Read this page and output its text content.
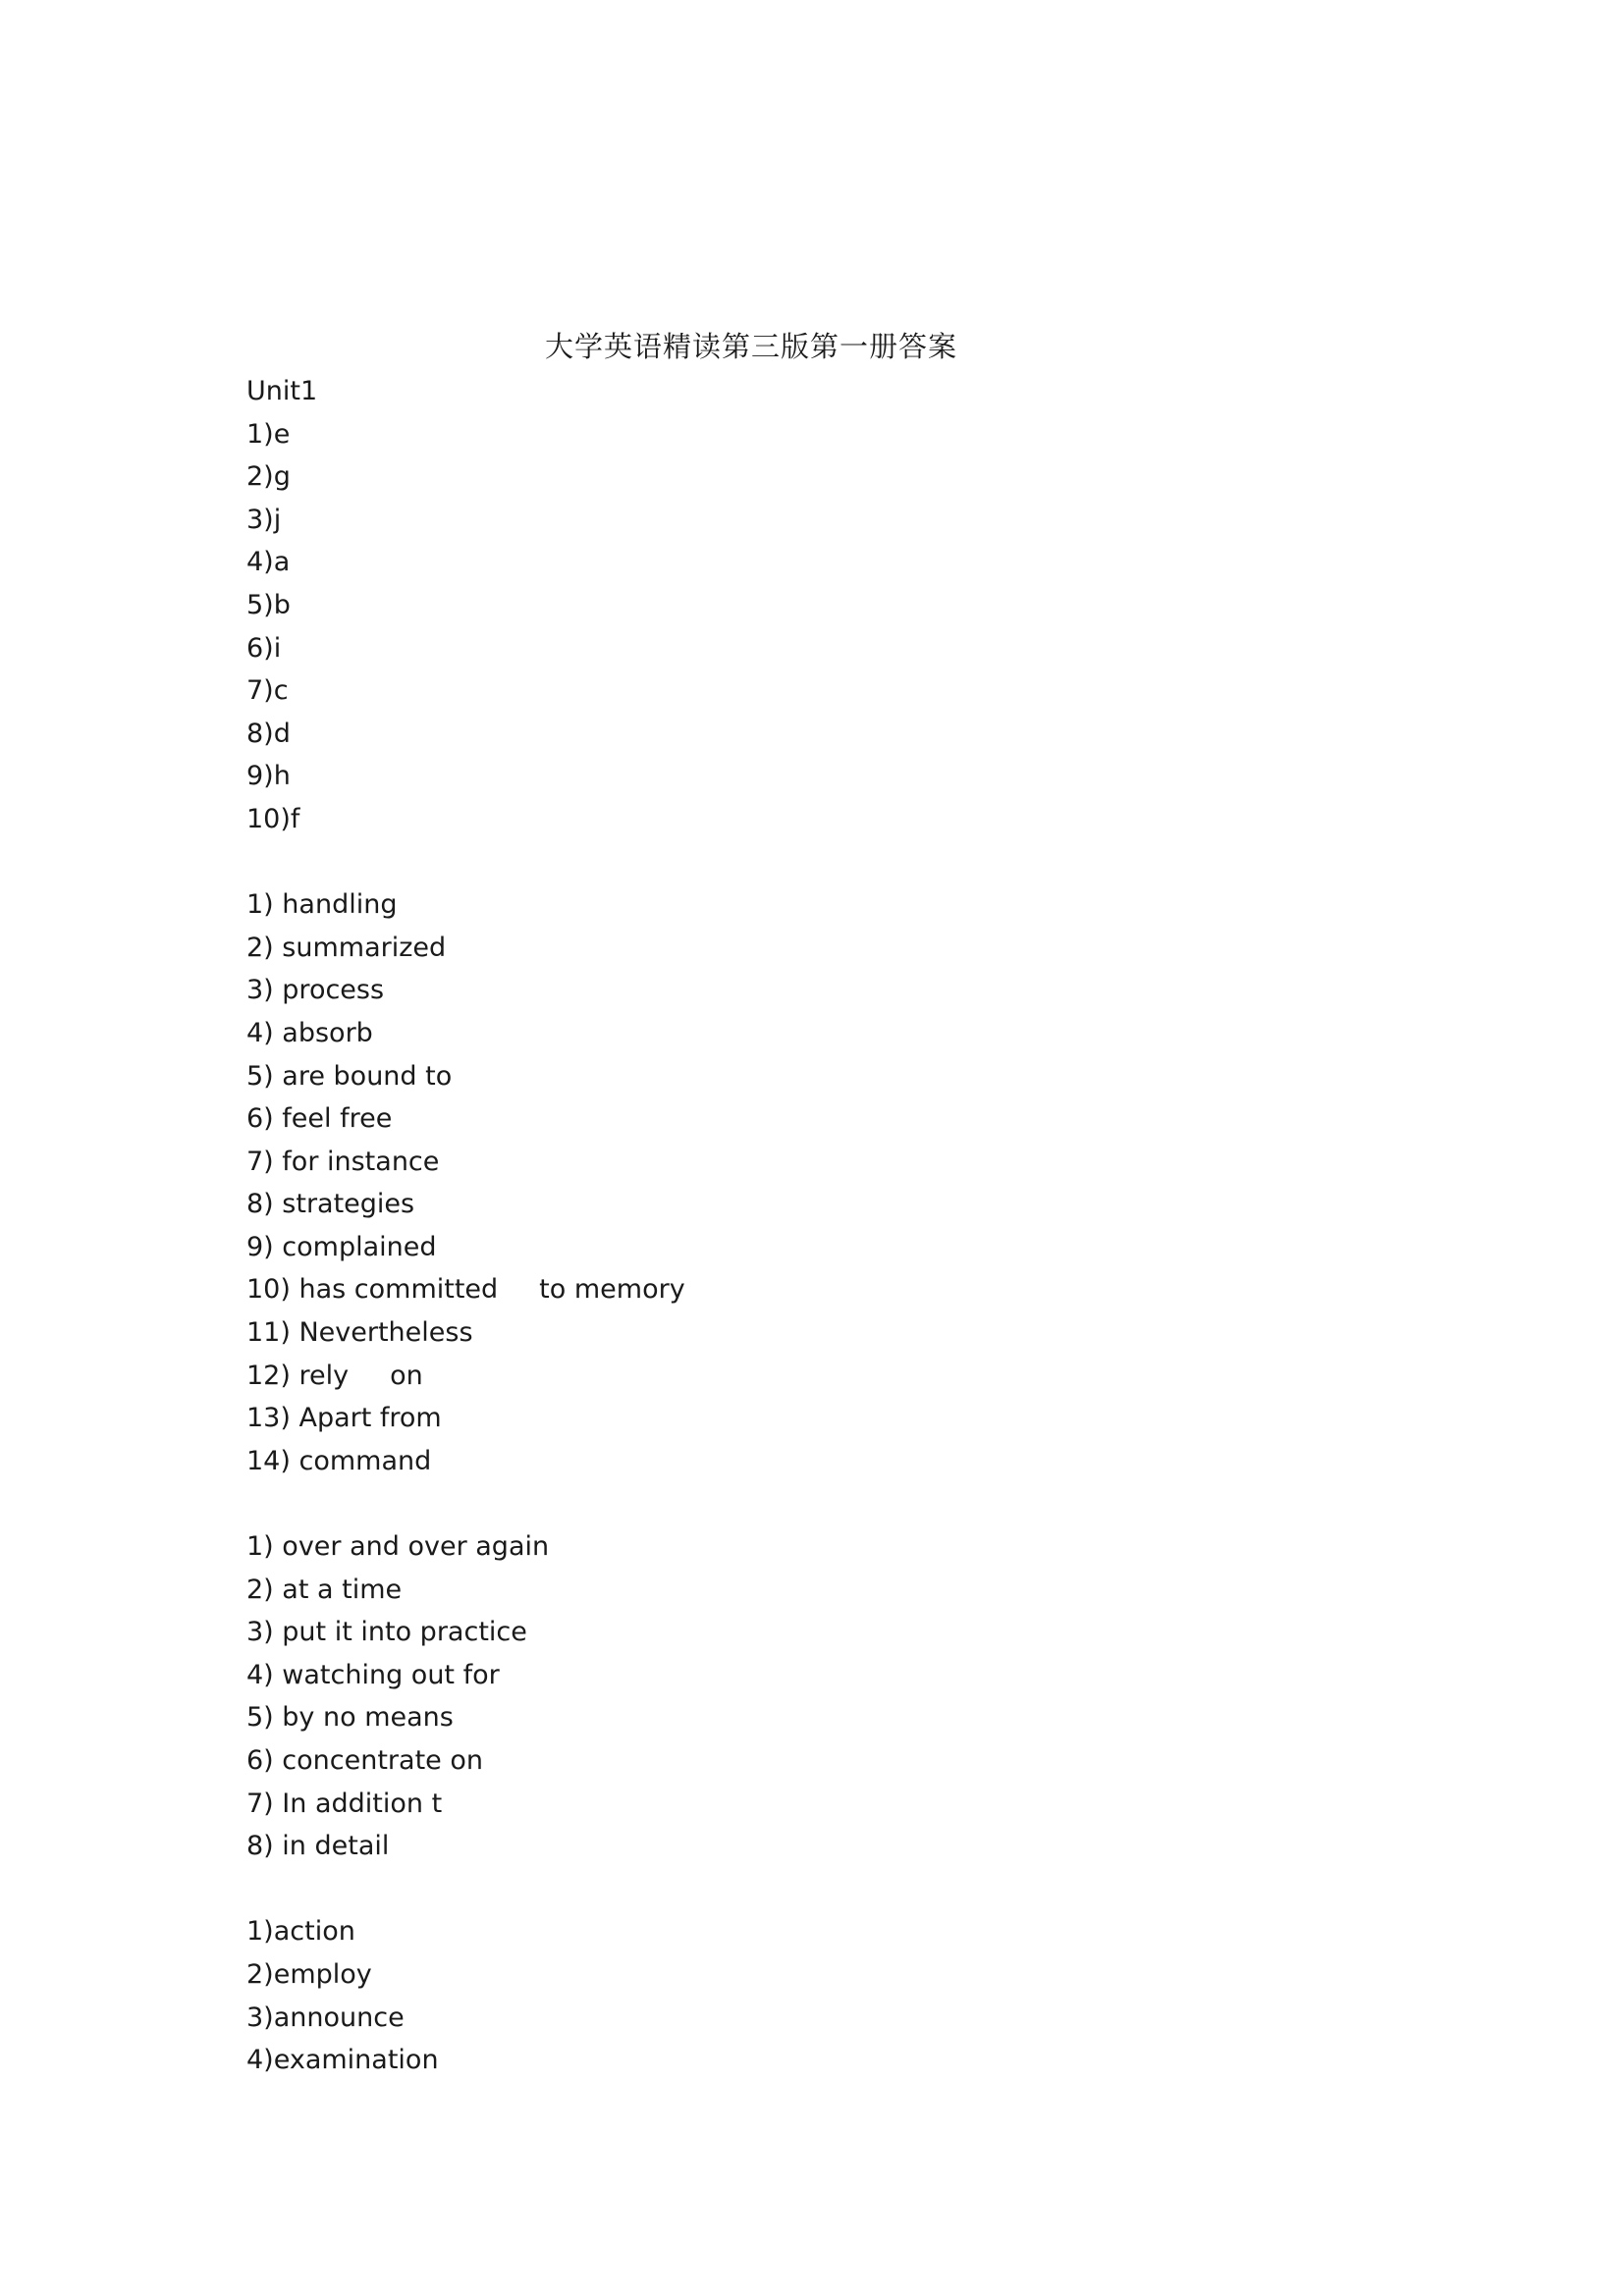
大学英语精读第三版第一册答案
Unit1
1)e
2)g
3)j
4)a
5)b
6)i
7)c
8)d
9)h
10)f
1) handling
2) summarized
3) process
4) absorb
5) are bound to
6) feel free
7) for instance
8) strategies
9) complained
10) has committed to memory
11) Nevertheless
12) rely on
13) Apart from
14) command
1) over and over again
2) at a time
3) put it into practice
4) watching out for
5) by no means
6) concentrate on
7) In addition t
8) in detail
1)action
2)employ
3)announce
4)examination
